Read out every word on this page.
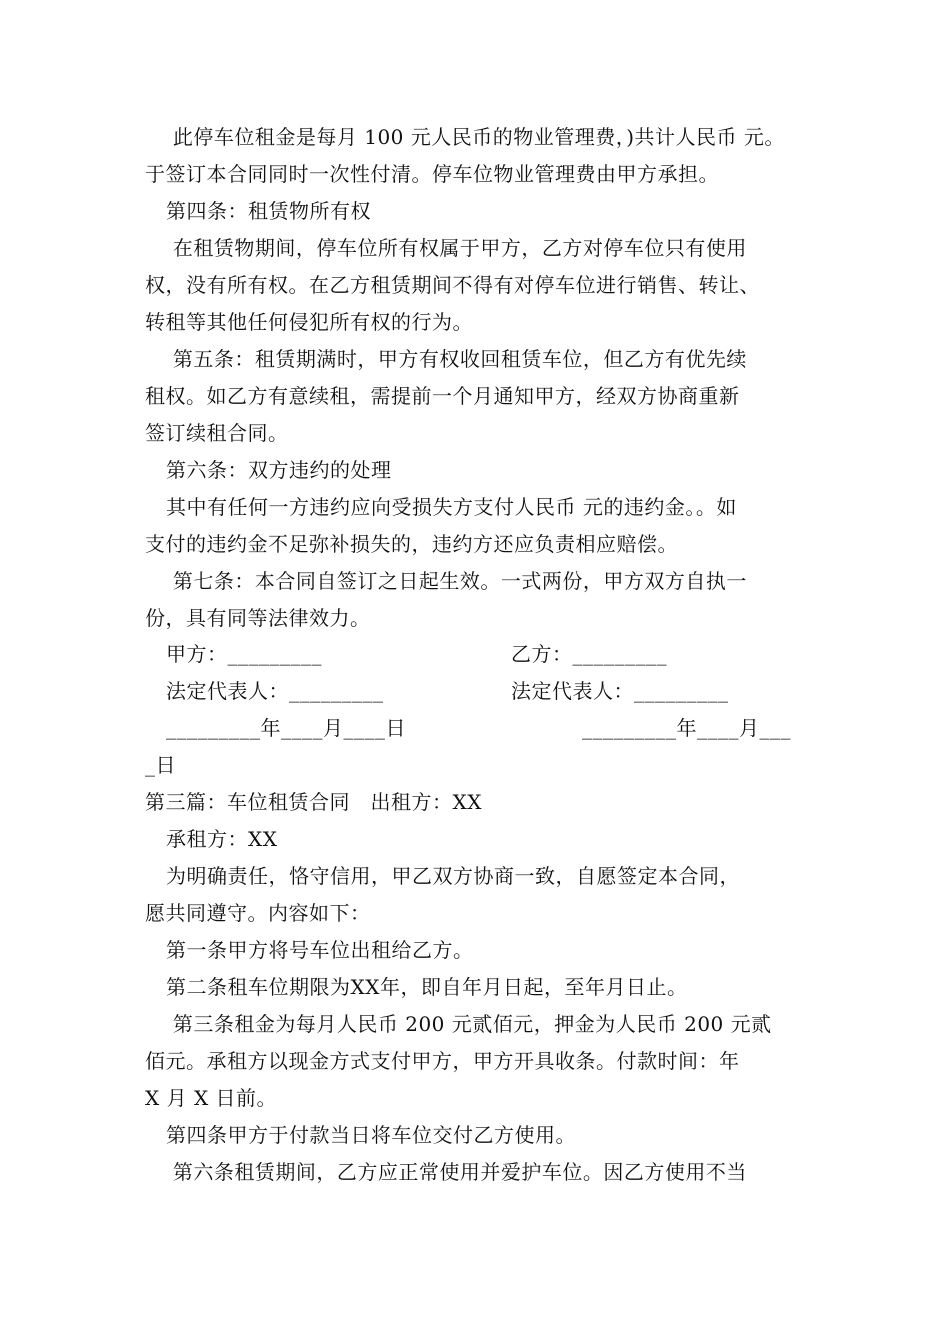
此停车位租金是每月 100 元人民币的物业管理费，)共计人民币 元。
于签订本合同同时一次性付清。停车位物业管理费由甲方承担。
第四条：租赁物所有权
在租赁物期间，停车位所有权属于甲方，乙方对停车位只有使用
权，没有所有权。在乙方租赁期间不得有对停车位进行销售、转让、
转租等其他任何侵犯所有权的行为。
第五条：租赁期满时，甲方有权收回租赁车位，但乙方有优先续
租权。如乙方有意续租，需提前一个月通知甲方，经双方协商重新
签订续租合同。
第六条：双方违约的处理
其中有任何一方违约应向受损失方支付人民币 元的违约金。。如
支付的违约金不足弥补损失的，违约方还应负责相应赔偿。
第七条：本合同自签订之日起生效。一式两份，甲方双方自执一
份，具有同等法律效力。
甲方：_________	乙方：_________
法定代表人：_________	法定代表人：_________
_________年____月____日	_________年____月___
_日
第三篇：车位租赁合同　出租方：XX
承租方：XX
为明确责任，恪守信用，甲乙双方协商一致，自愿签定本合同，
愿共同遵守。内容如下：
第一条甲方将号车位出租给乙方。
第二条租车位期限为XX年，即自年月日起，至年月日止。
第三条租金为每月人民币 200 元贰佰元，押金为人民币 200 元贰
佰元。承租方以现金方式支付甲方，甲方开具收条。付款时间：年
X 月 X 日前。
第四条甲方于付款当日将车位交付乙方使用。
第六条租赁期间，乙方应正常使用并爱护车位。因乙方使用不当
